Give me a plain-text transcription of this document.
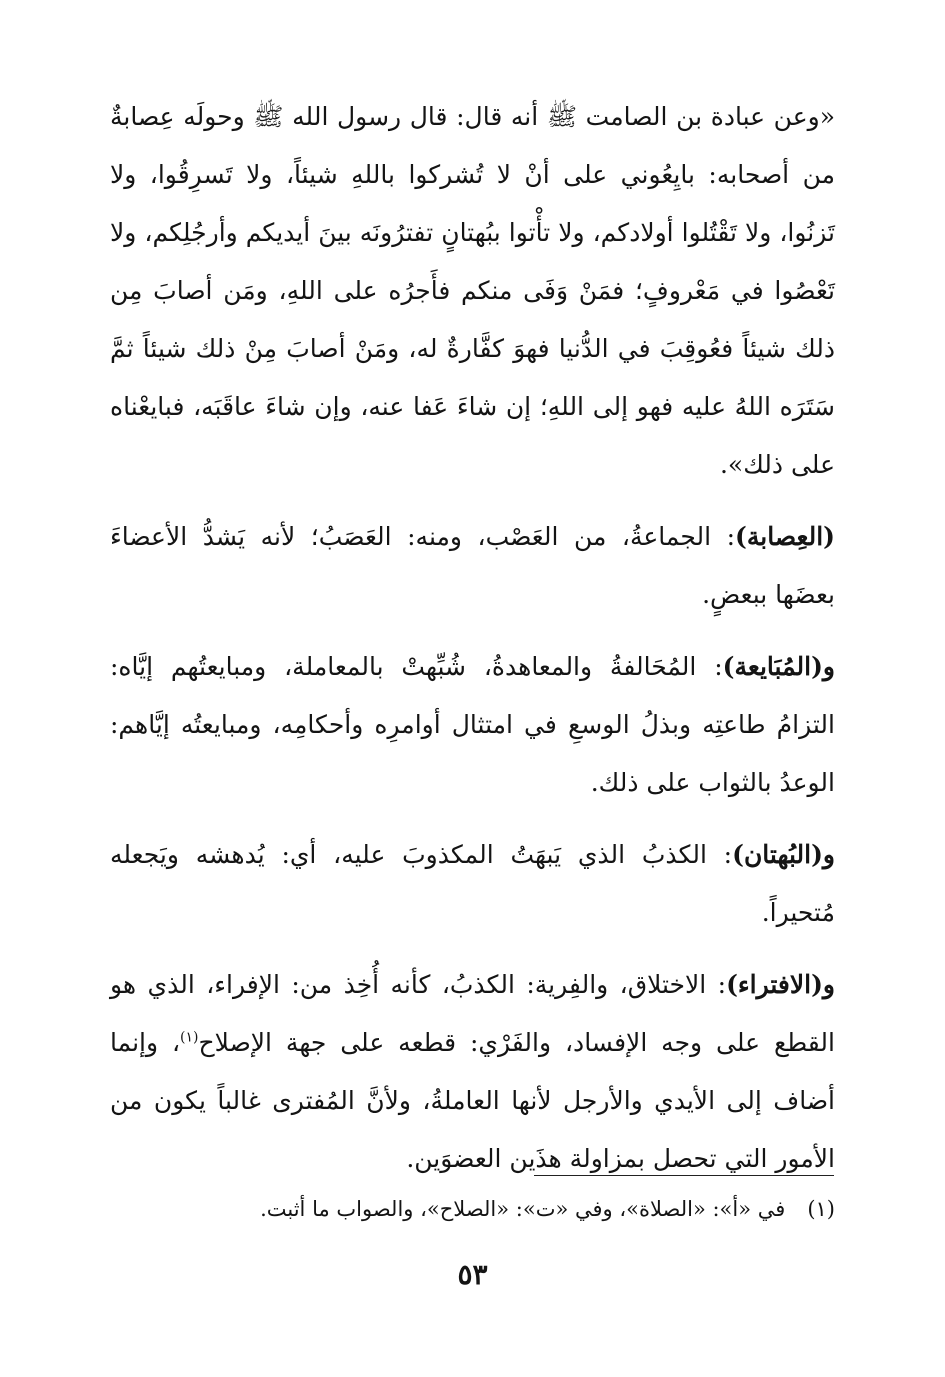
«وعن عبادة بن الصامت ﷺ أنه قال: قال رسول الله ﷺ وحولَه عِصابةٌ من أصحابه: بايِعُوني على أنْ لا تُشركوا باللهِ شيئاً، ولا تَسرِقُوا، ولا تَزنُوا، ولا تَقْتُلوا أولادكم، ولا تأْتوا ببُهتانٍ تفترُونَه بينَ أيديكم وأرجُلِكم، ولا تَعْصُوا في مَعْروفٍ؛ فمَنْ وَفَى منكم فأَجرُه على اللهِ، ومَن أصابَ مِن ذلك شيئاً فعُوقِبَ في الدُّنيا فهوَ كفَّارةٌ له، ومَنْ أصابَ مِنْ ذلك شيئاً ثمَّ سَتَرَه اللهُ عليه فهو إلى اللهِ؛ إن شاءَ عَفا عنه، وإن شاءَ عاقَبَه، فبايعْناه على ذلك».

(العِصابة): الجماعةُ، من العَصْب، ومنه: العَصَبُ؛ لأنه يَشدُّ الأعضاءَ بعضَها ببعضٍ.

و(المُبَايعة): المُحَالفةُ والمعاهدةُ، شُبِّهتْ بالمعاملة، ومبايعتُهم إيَّاه: التزامُ طاعتِه وبذلُ الوسعِ في امتثال أوامرِه وأحكامِه، ومبايعتُه إيَّاهم: الوعدُ بالثواب على ذلك.

و(البُهتان): الكذبُ الذي يَبهَتُ المكذوبَ عليه، أي: يُدهشه ويَجعله مُتحيراً.

و(الافتراء): الاختلاق، والفِرية: الكذبُ، كأنه أُخِذ من: الإفراء، الذي هو القطع على وجه الإفساد، والفَرْي: قطعه على جهة الإصلاح$^{(١)}$، وإنما أضاف إلى الأيدي والأرجل لأنها العاملةُ، ولأنَّ المُفترى غالباً يكون من الأمور التي تحصل بمزاولة هذَين العضوَين.

(١)في «أ»: «الصلاة»، وفي «ت»: «الصلاح»، والصواب ما أثبت.
٥٣
